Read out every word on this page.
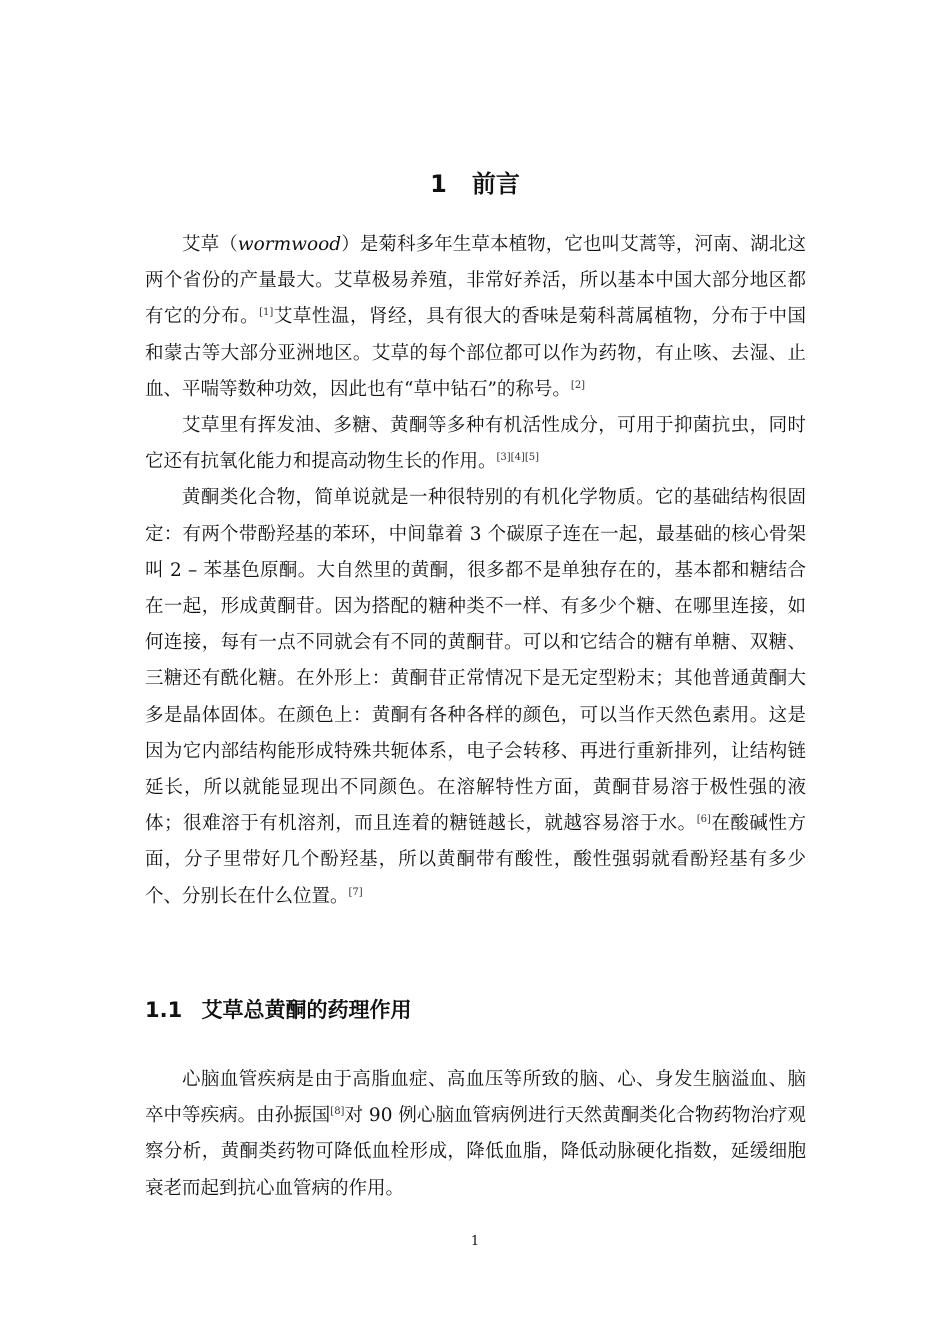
1 前言

艾草（wormwood）是菊科多年生草本植物，它也叫艾蒿等，河南、湖北这两个省份的产量最大。艾草极易养殖，非常好养活，所以基本中国大部分地区都有它的分布。[1]艾草性温，肾经，具有很大的香味是菊科蒿属植物，分布于中国和蒙古等大部分亚洲地区。艾草的每个部位都可以作为药物，有止咳、去湿、止血、平喘等数种功效，因此也有“草中钻石”的称号。[2]

艾草里有挥发油、多糖、黄酮等多种有机活性成分，可用于抑菌抗虫，同时它还有抗氧化能力和提高动物生长的作用。[3][4][5]

黄酮类化合物，简单说就是一种很特别的有机化学物质。它的基础结构很固定：有两个带酚羟基的苯环，中间靠着 3 个碳原子连在一起，最基础的核心骨架叫 2 – 苯基色原酮。大自然里的黄酮，很多都不是单独存在的，基本都和糖结合在一起，形成黄酮苷。因为搭配的糖种类不一样、有多少个糖、在哪里连接，如何连接，每有一点不同就会有不同的黄酮苷。可以和它结合的糖有单糖、双糖、三糖还有酰化糖。在外形上：黄酮苷正常情况下是无定型粉末；其他普通黄酮大多是晶体固体。在颜色上：黄酮有各种各样的颜色，可以当作天然色素用。这是因为它内部结构能形成特殊共轭体系，电子会转移、再进行重新排列，让结构链延长，所以就能显现出不同颜色。在溶解特性方面，黄酮苷易溶于极性强的液体；很难溶于有机溶剂，而且连着的糖链越长，就越容易溶于水。[6]在酸碱性方面，分子里带好几个酚羟基，所以黄酮带有酸性，酸性强弱就看酚羟基有多少个、分别长在什么位置。[7]

1.1 艾草总黄酮的药理作用

心脑血管疾病是由于高脂血症、高血压等所致的脑、心、身发生脑溢血、脑卒中等疾病。由孙振国[8]对 90 例心脑血管病例进行天然黄酮类化合物药物治疗观察分析，黄酮类药物可降低血栓形成，降低血脂，降低动脉硬化指数，延缓细胞衰老而起到抗心血管病的作用。

1
